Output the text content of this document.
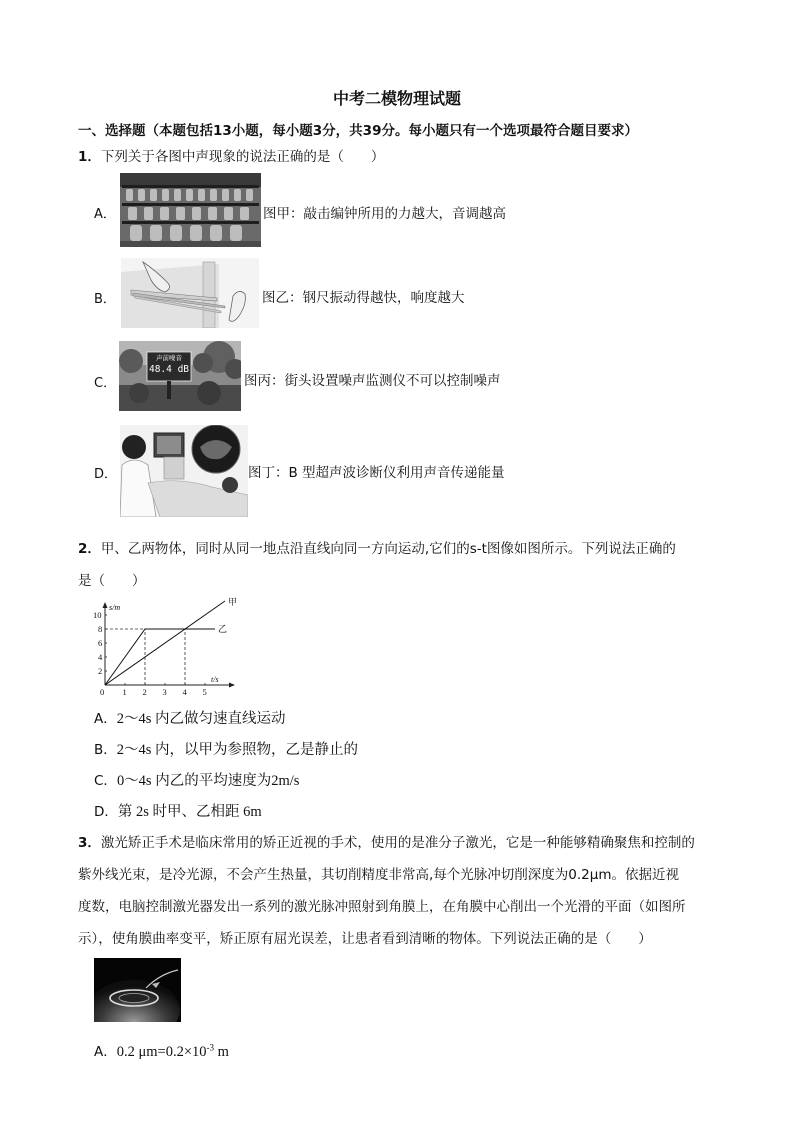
中考二模物理试题
一、选择题（本题包括13小题，每小题3分，共39分。每小题只有一个选项最符合题目要求）
1．下列关于各图中声现象的说法正确的是（　　）
A．	图甲：敲击编钟所用的力越大，音调越高
B．	图乙：钢尺振动得越快，响度越大
C．
声前噪音
48.4 dB
图丙：街头设置噪声监测仪不可以控制噪声
D．	图丁：B 型超声波诊断仪利用声音传递能量
2．甲、乙两物体，同时从同一地点沿直线向同一方向运动,它们的s-t图像如图所示。下列说法正确的
是（　　）
0 1 2 3 4 5
2
4
6
8
10
s/m
t/s
甲
乙
A．2～4s 内乙做匀速直线运动
B．2～4s 内，以甲为参照物，乙是静止的
C．0～4s 内乙的平均速度为2m/s
D．第 2s 时甲、乙相距 6m
3．激光矫正手术是临床常用的矫正近视的手术，使用的是准分子激光，它是一种能够精确聚焦和控制的
紫外线光束，是冷光源，不会产生热量，其切削精度非常高,每个光脉冲切削深度为0.2μm。依据近视
度数，电脑控制激光器发出一系列的激光脉冲照射到角膜上，在角膜中心削出一个光滑的平面（如图所
示），使角膜曲率变平，矫正原有屈光误差，让患者看到清晰的物体。下列说法正确的是（　　）
A．0.2 $\mu m=0.2\times 10^{-3}$ m
